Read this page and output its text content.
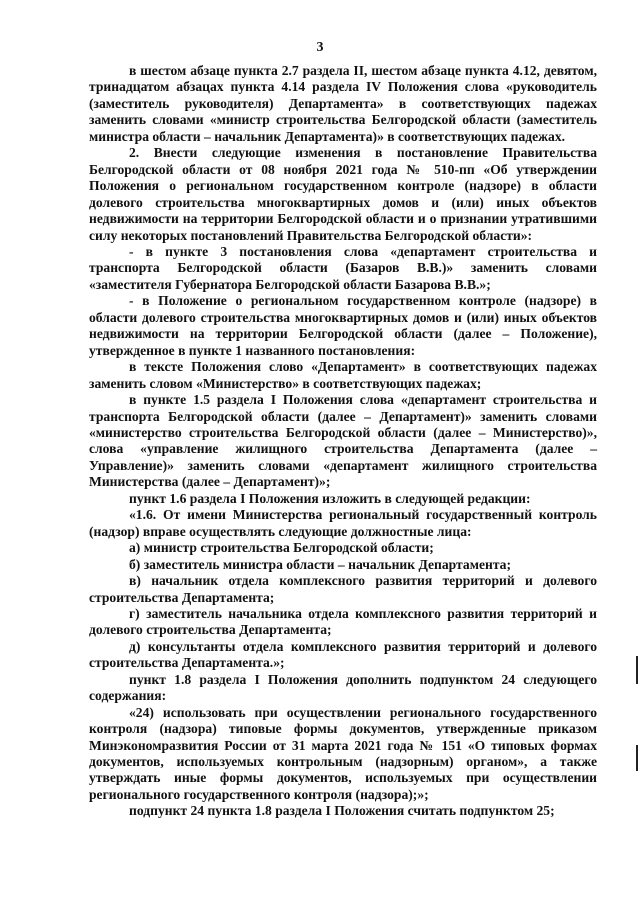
3

в шестом абзаце пункта 2.7 раздела II, шестом абзаце пункта 4.12, девятом, тринадцатом абзацах пункта 4.14 раздела IV Положения слова «руководитель (заместитель руководителя) Департамента» в соответствующих падежах заменить словами «министр строительства Белгородской области (заместитель министра области – начальник Департамента)» в соответствующих падежах.

2. Внести следующие изменения в постановление Правительства Белгородской области от 08 ноября 2021 года № 510-пп «Об утверждении Положения о региональном государственном контроле (надзоре) в области долевого строительства многоквартирных домов и (или) иных объектов недвижимости на территории Белгородской области и о признании утратившими силу некоторых постановлений Правительства Белгородской области»:

- в пункте 3 постановления слова «департамент строительства и транспорта Белгородской области (Базаров В.В.)» заменить словами «заместителя Губернатора Белгородской области Базарова В.В.»;

- в Положение о региональном государственном контроле (надзоре) в области долевого строительства многоквартирных домов и (или) иных объектов недвижимости на территории Белгородской области (далее – Положение), утвержденное в пункте 1 названного постановления:

в тексте Положения слово «Департамент» в соответствующих падежах заменить словом «Министерство» в соответствующих падежах;

в пункте 1.5 раздела I Положения слова «департамент строительства и транспорта Белгородской области (далее – Департамент)» заменить словами «министерство строительства Белгородской области (далее – Министерство)», слова «управление жилищного строительства Департамента (далее – Управление)» заменить словами «департамент жилищного строительства Министерства (далее – Департамент)»;

пункт 1.6 раздела I Положения изложить в следующей редакции:

«1.6. От имени Министерства региональный государственный контроль (надзор) вправе осуществлять следующие должностные лица:

а) министр строительства Белгородской области;

б) заместитель министра области – начальник Департамента;

в) начальник отдела комплексного развития территорий и долевого строительства Департамента;

г) заместитель начальника отдела комплексного развития территорий и долевого строительства Департамента;

д) консультанты отдела комплексного развития территорий и долевого строительства Департамента.»;

пункт 1.8 раздела I Положения дополнить подпунктом 24 следующего содержания:

«24) использовать при осуществлении регионального государственного контроля (надзора) типовые формы документов, утвержденные приказом Минэкономразвития России от 31 марта 2021 года № 151 «О типовых формах документов, используемых контрольным (надзорным) органом», а также утверждать иные формы документов, используемых при осуществлении регионального государственного контроля (надзора);»;

подпункт 24 пункта 1.8 раздела I Положения считать подпунктом 25;
